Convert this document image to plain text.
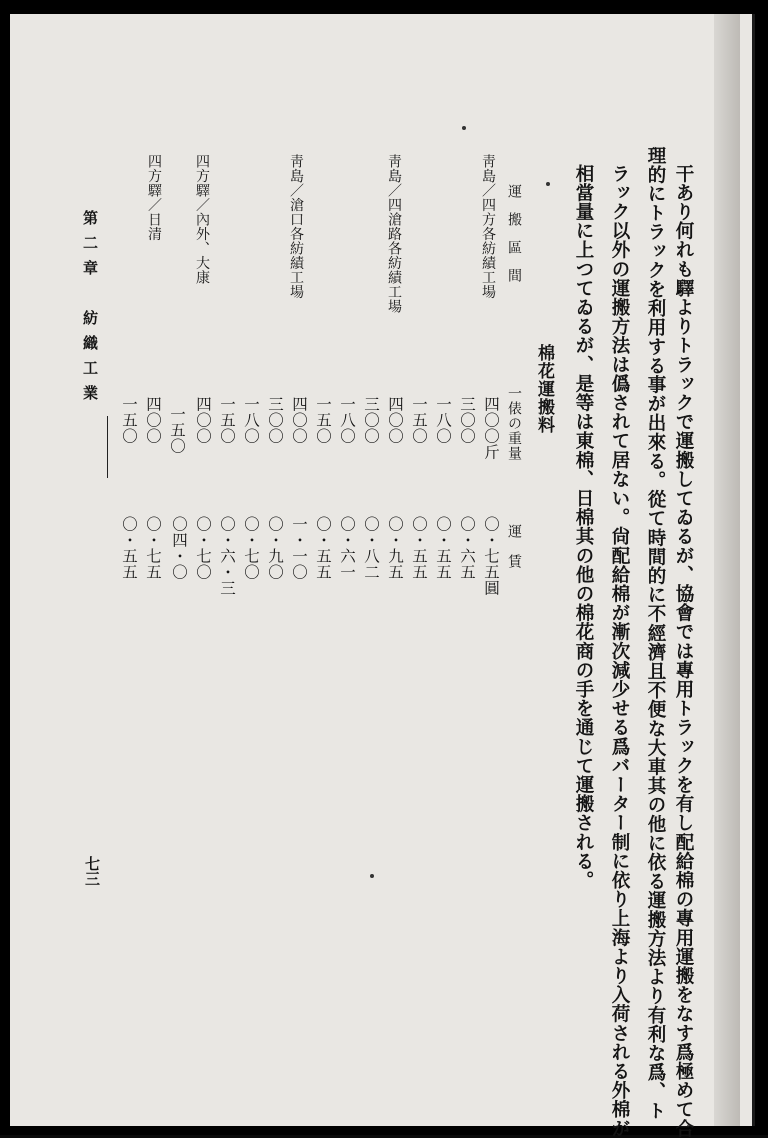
干あり何れも驛よりトラックで運搬してゐるが、協會では專用トラックを有し配給棉の專用運搬をなす爲極めて合
理的にトラックを利用する事が出來る。從て時間的に不經濟且不便な大車其の他に依る運搬方法より有利な爲、ト
ラック以外の運搬方法は僞されて居ない。尙配給棉が漸次減少せる爲バーター制に依り上海より入荷される外棉が
相當量に上つてゐるが、是等は東棉、日棉其の他の棉花商の手を通じて運搬される。
棉花運搬料
運搬區間
一俵の重量
運　賃
靑島／四方各紡績工場
靑島／四滄路各紡績工場
靑島／滄口各紡績工場
四方驛／內外、大康
四方驛／日清
四〇〇斤
三〇〇
一八〇
一五〇
四〇〇
三〇〇
一八〇
一五〇
四〇〇
三〇〇
一八〇
一五〇
四〇〇
一五〇
四〇〇
一五〇
〇・七五圓
〇・六五
〇・五五
〇・五五
〇・九五
〇・八二
〇・六一
〇・五五
一・一〇
〇・九〇
〇・七〇
〇・六・三
〇・七〇
〇四・〇
〇・七五
〇・五五
第二章　紡織工業
七三
